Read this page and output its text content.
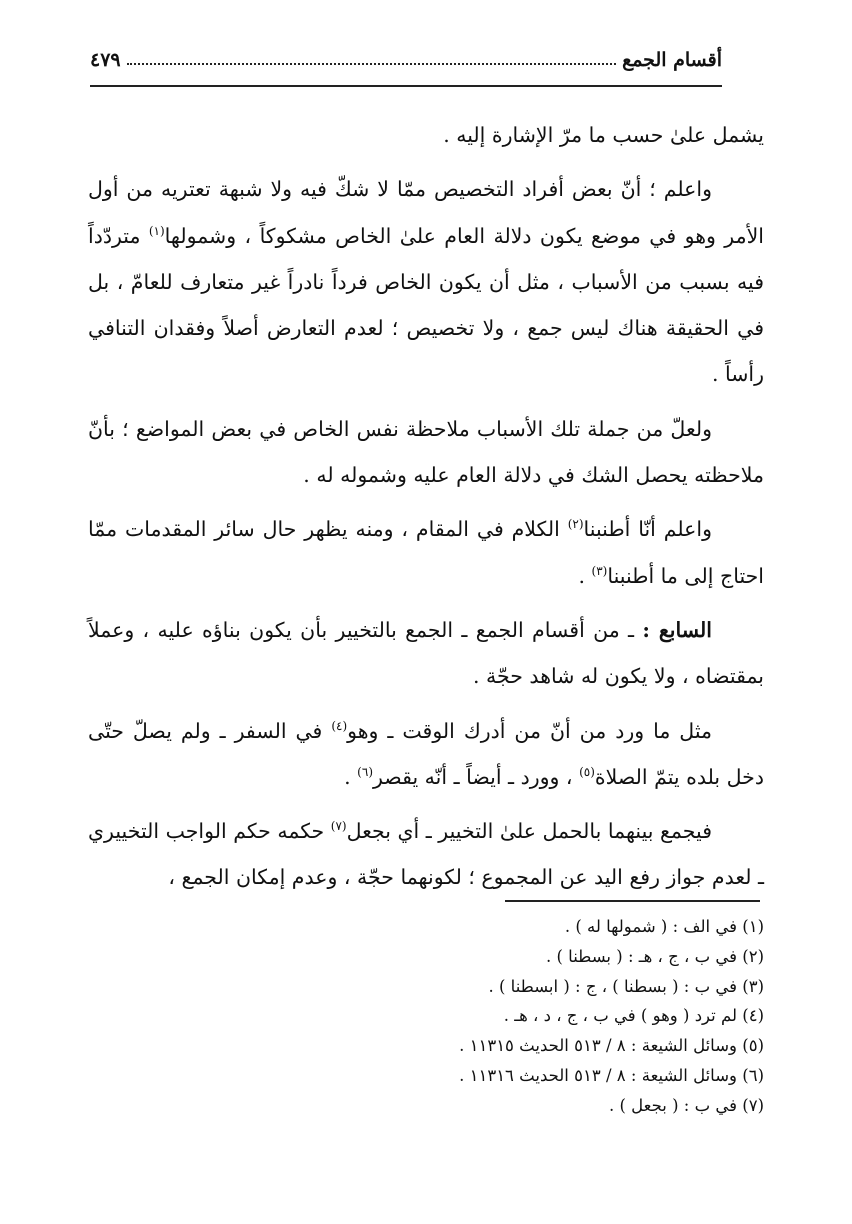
أقسام الجمع
٤٧٩

يشمل علىٰ حسب ما مرّ الإشارة إليه .

واعلم ؛ أنّ بعض أفراد التخصيص ممّا لا شكّ فيه ولا شبهة تعتريه من أول الأمر وهو في موضع يكون دلالة العام علىٰ الخاص مشكوكاً ، وشمولها$^{(١)}$ متردّداً فيه بسبب من الأسباب ، مثل أن يكون الخاص فرداً نادراً غير متعارف للعامّ ، بل في الحقيقة هناك ليس جمع ، ولا تخصيص ؛ لعدم التعارض أصلاً وفقدان التنافي رأساً .

ولعلّ من جملة تلك الأسباب ملاحظة نفس الخاص في بعض المواضع ؛ بأنّ ملاحظته يحصل الشك في دلالة العام عليه وشموله له .

واعلم أنّا أطنبنا$^{(٢)}$ الكلام في المقام ، ومنه يظهر حال سائر المقدمات ممّا احتاج إلى ما أطنبنا$^{(٣)}$ .

السابع : ـ من أقسام الجمع ـ الجمع بالتخيير بأن يكون بناؤه عليه ، وعملاً بمقتضاه ، ولا يكون له شاهد حجّة .

مثل ما ورد من أنّ من أدرك الوقت ـ وهو$^{(٤)}$ في السفر ـ ولم يصلّ حتّى دخل بلده يتمّ الصلاة$^{(٥)}$ ، وورد ـ أيضاً ـ أنّه يقصر$^{(٦)}$ .

فيجمع بينهما بالحمل علىٰ التخيير ـ أي بجعل$^{(٧)}$ حكمه حكم الواجب التخييري ـ لعدم جواز رفع اليد عن المجموع ؛ لكونهما حجّة ، وعدم إمكان الجمع ،

(١) في الف : ( شمولها له ) .
(٢) في ب ، ج ، هـ : ( بسطنا ) .
(٣) في ب : ( بسطنا ) ، ج : ( ابسطنا ) .
(٤) لم ترد ( وهو ) في ب ، ج ، د ، هـ .
(٥) وسائل الشيعة : ٨ / ٥١٣ الحديث ١١٣١٥ .
(٦) وسائل الشيعة : ٨ / ٥١٣ الحديث ١١٣١٦ .
(٧) في ب : ( بجعل ) .
